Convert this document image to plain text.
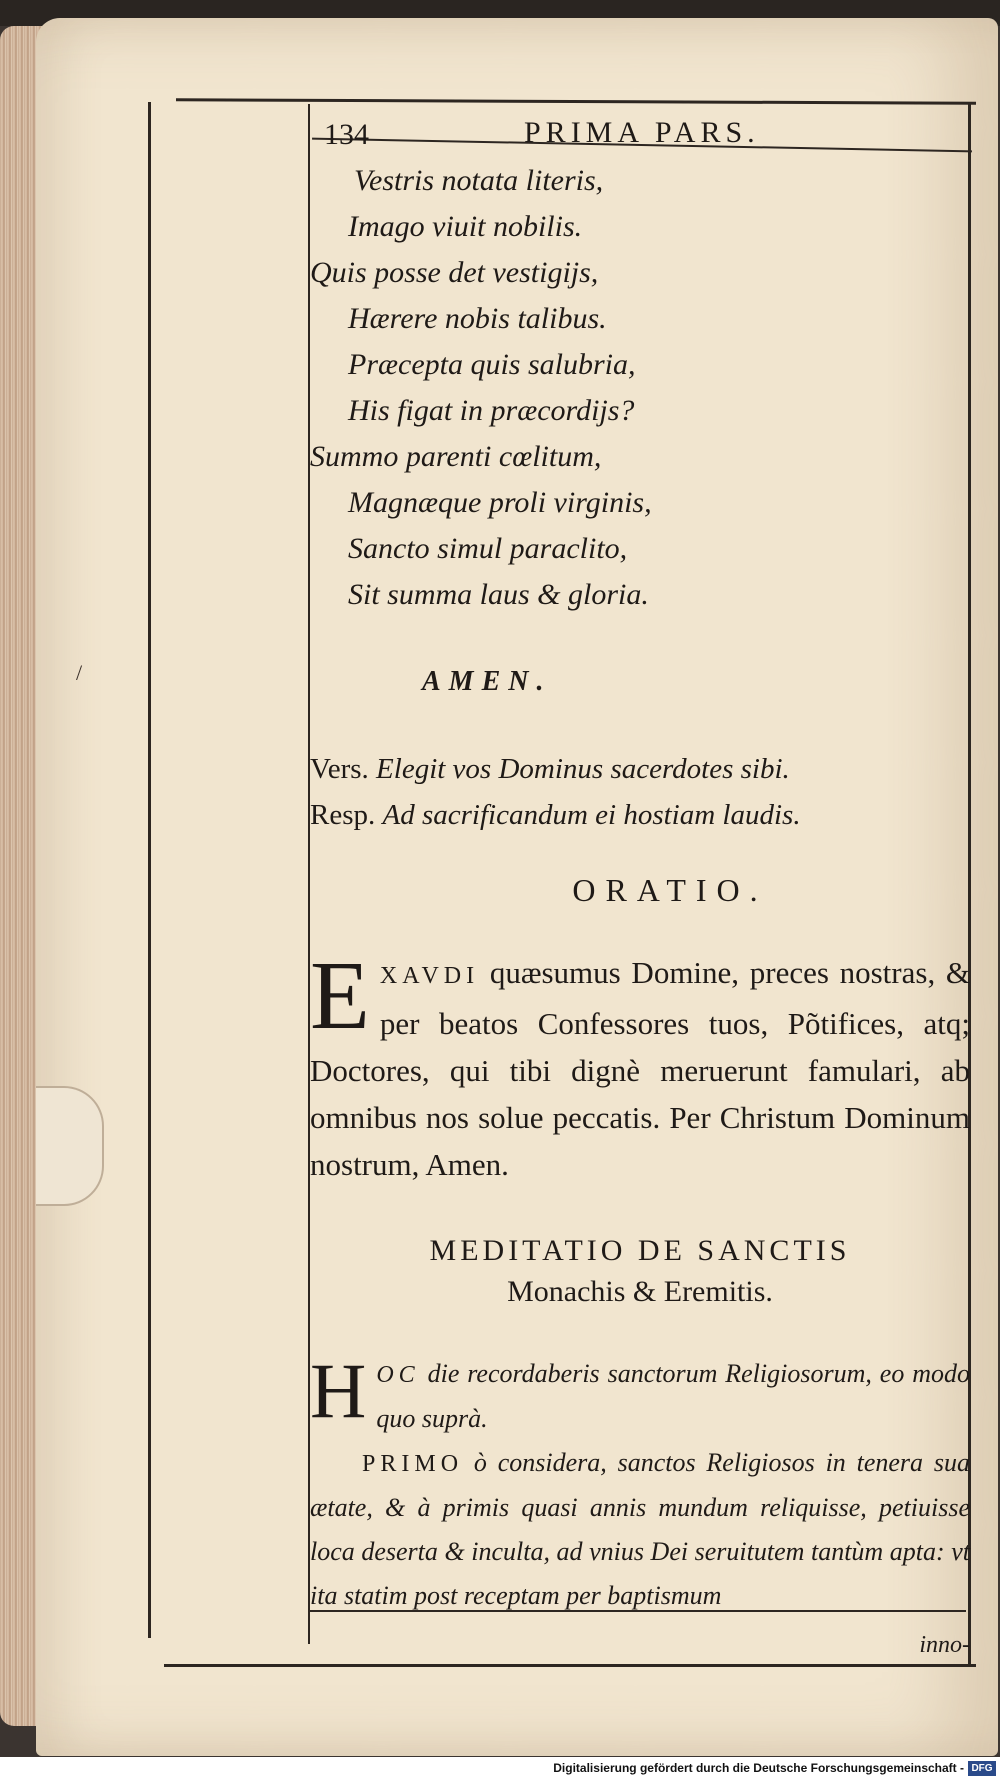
/
134	PRIMA PARS.
Vestris notata literis,
Imago viuit nobilis.
Quis posse det vestigijs,
Hærere nobis talibus.
Præcepta quis salubria,
His figat in præcordijs?
Summo parenti cœlitum,
Magnæque proli virginis,
Sancto simul paraclito,
Sit summa laus & gloria.
AMEN.
Vers. Elegit vos Dominus sacerdotes sibi.
Resp. Ad sacrificandum ei hostiam laudis.
ORATIO.
E XAVDI quæsumus Domine, preces nostras, & per beatos Confessores tuos, Põtifices, atq; Doctores, qui tibi dignè meruerunt famulari, ab omnibus nos solue peccatis. Per Christum Dominum nostrum, Amen.
MEDITATIO DE SANCTIS
Monachis & Eremitis.
H OC die recordaberis sanctorum Religiosorum, eo modo quo suprà.
PRIMO ò considera, sanctos Religiosos in tenera sua ætate, & à primis quasi annis mundum reliquisse, petiuisse loca deserta & inculta, ad vnius Dei seruitutem tantùm apta: vt ita statim post receptam per baptismum
inno-
Digitalisierung gefördert durch die Deutsche Forschungsgemeinschaft - DFG
